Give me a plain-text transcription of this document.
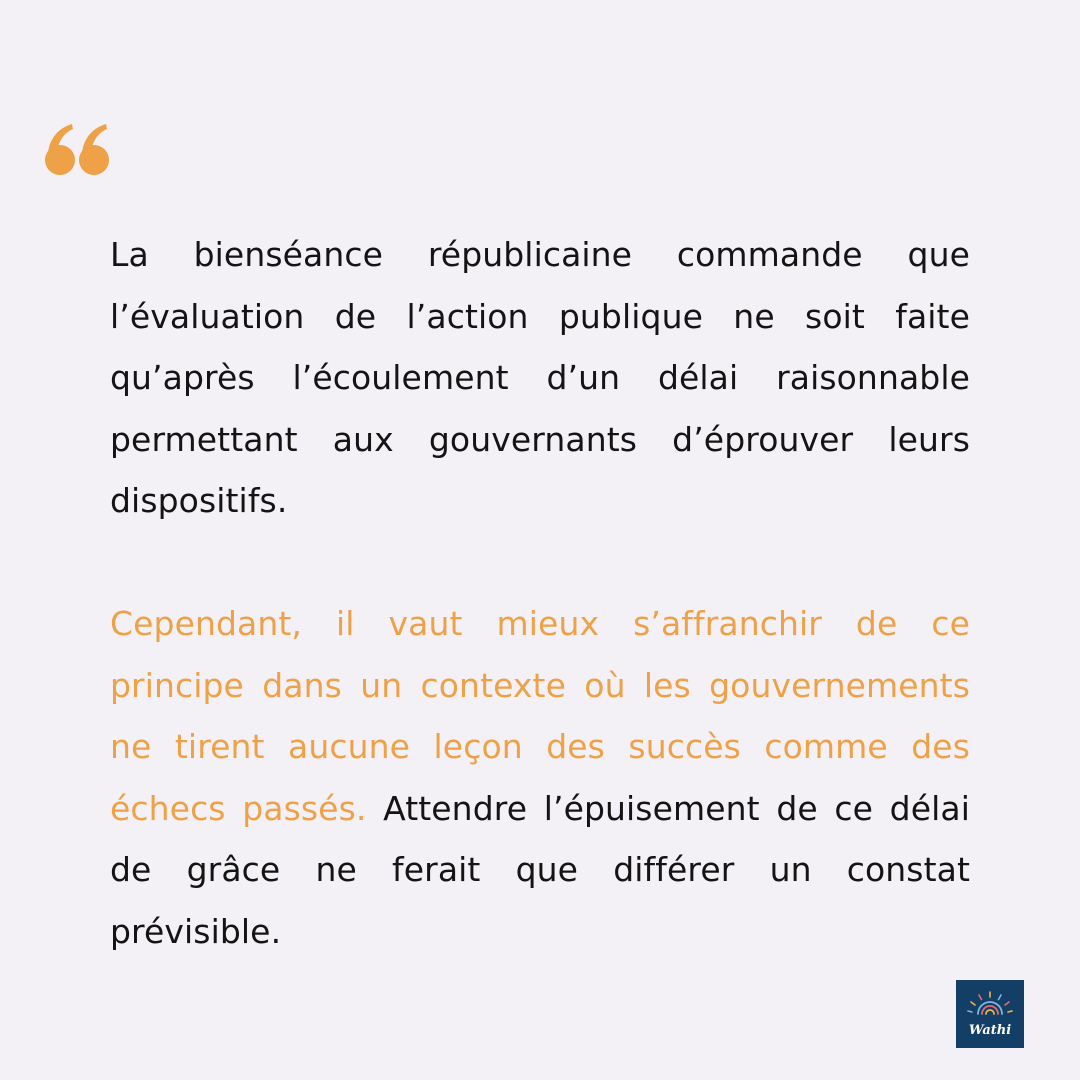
La bienséance républicaine commande que l’évaluation de l’action publique ne soit faite qu’après l’écoulement d’un délai raisonnable permettant aux gouvernants d’éprouver leurs dispositifs.

Cependant, il vaut mieux s’affranchir de ce principe dans un contexte où les gouvernements ne tirent aucune leçon des succès comme des échecs passés. Attendre l’épuisement de ce délai de grâce ne ferait que différer un constat prévisible.

Wathi
